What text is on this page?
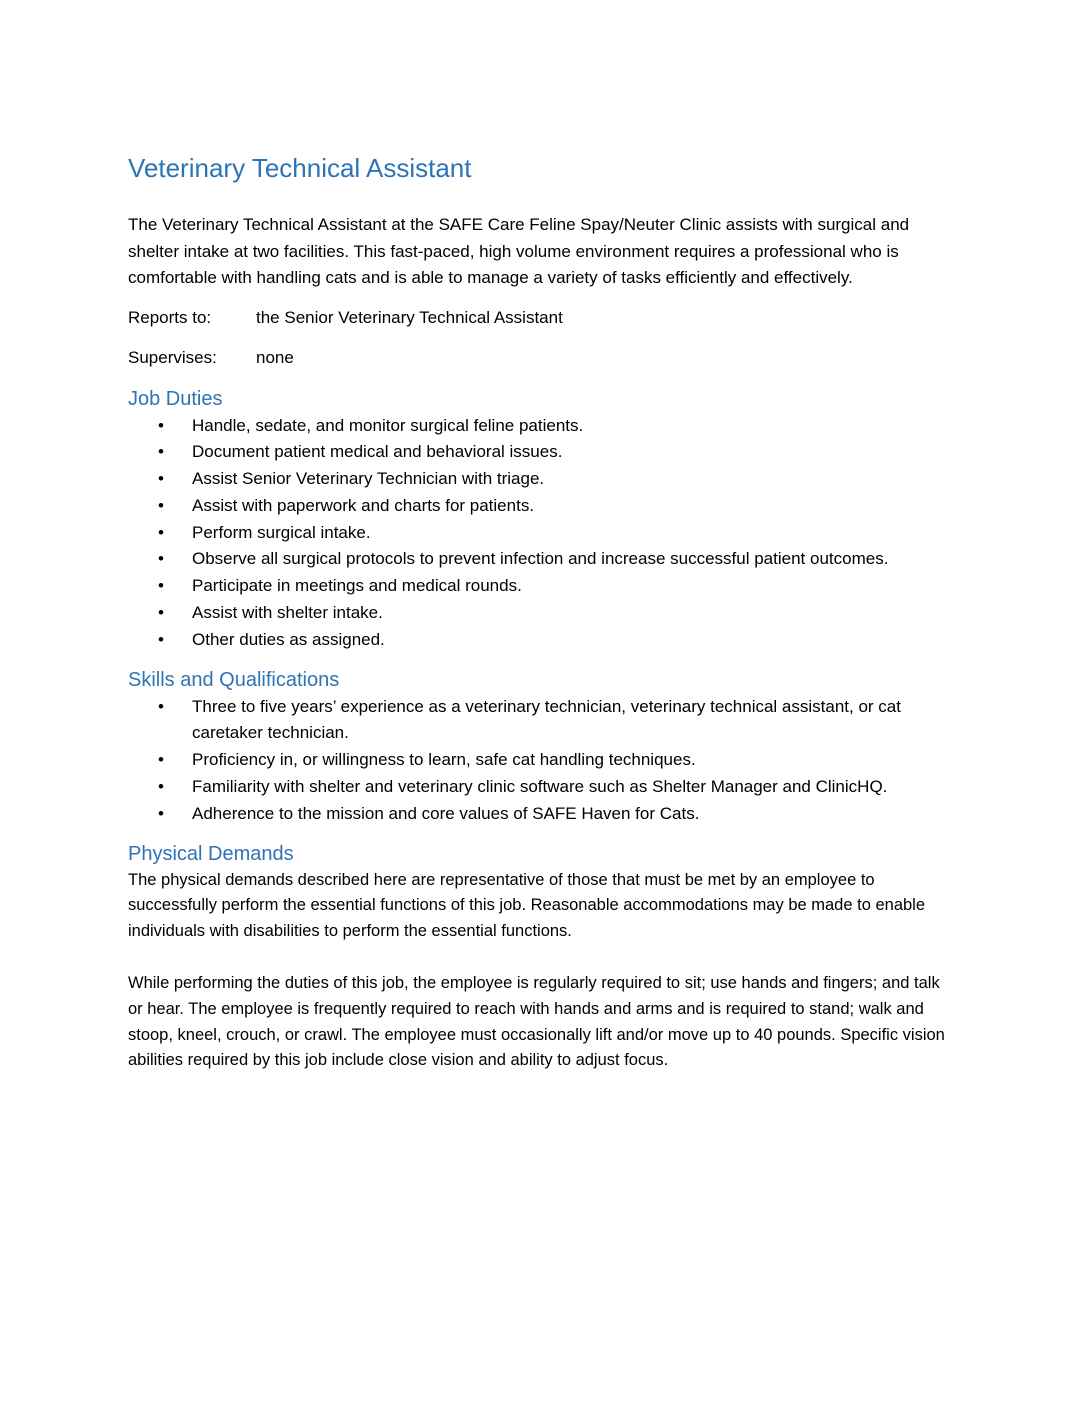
Veterinary Technical Assistant

The Veterinary Technical Assistant at the SAFE Care Feline Spay/Neuter Clinic assists with surgical and shelter intake at two facilities. This fast-paced, high volume environment requires a professional who is comfortable with handling cats and is able to manage a variety of tasks efficiently and effectively.

Reports to:	the Senior Veterinary Technical Assistant
Supervises:	none
Job Duties
• Handle, sedate, and monitor surgical feline patients.
• Document patient medical and behavioral issues.
• Assist Senior Veterinary Technician with triage.
• Assist with paperwork and charts for patients.
• Perform surgical intake.
• Observe all surgical protocols to prevent infection and increase successful patient outcomes.
• Participate in meetings and medical rounds.
• Assist with shelter intake.
• Other duties as assigned.
Skills and Qualifications
• Three to five years’ experience as a veterinary technician, veterinary technical assistant, or cat caretaker technician.
• Proficiency in, or willingness to learn, safe cat handling techniques.
• Familiarity with shelter and veterinary clinic software such as Shelter Manager and ClinicHQ.
• Adherence to the mission and core values of SAFE Haven for Cats.
Physical Demands

The physical demands described here are representative of those that must be met by an employee to successfully perform the essential functions of this job. Reasonable accommodations may be made to enable individuals with disabilities to perform the essential functions.

While performing the duties of this job, the employee is regularly required to sit; use hands and fingers; and talk or hear. The employee is frequently required to reach with hands and arms and is required to stand; walk and stoop, kneel, crouch, or crawl. The employee must occasionally lift and/or move up to 40 pounds. Specific vision abilities required by this job include close vision and ability to adjust focus.
